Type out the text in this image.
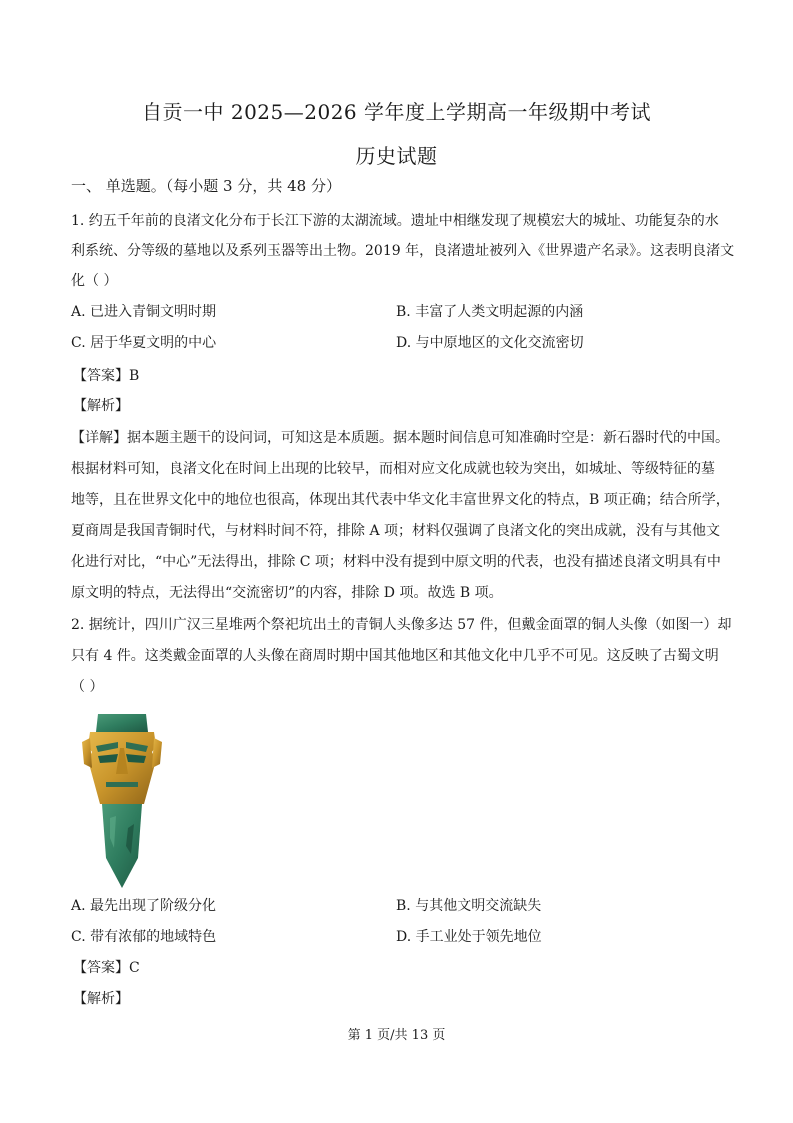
自贡一中 2025—2026 学年度上学期高一年级期中考试
历史试题
一、 单选题。（每小题 3 分，共 48 分）
1. 约五千年前的良渚文化分布于长江下游的太湖流域。遗址中相继发现了规模宏大的城址、功能复杂的水
利系统、分等级的墓地以及系列玉器等出土物。2019 年，良渚遗址被列入《世界遗产名录》。这表明良渚文
化（ ）
A. 已进入青铜文明时期	B. 丰富了人类文明起源的内涵
C. 居于华夏文明的中心	D. 与中原地区的文化交流密切
【答案】B
【解析】
【详解】据本题主题干的设问词，可知这是本质题。据本题时间信息可知准确时空是：新石器时代的中国。
根据材料可知，良渚文化在时间上出现的比较早，而相对应文化成就也较为突出，如城址、等级特征的墓
地等，且在世界文化中的地位也很高，体现出其代表中华文化丰富世界文化的特点，B 项正确；结合所学，
夏商周是我国青铜时代，与材料时间不符，排除 A 项；材料仅强调了良渚文化的突出成就，没有与其他文
化进行对比，“中心”无法得出，排除 C 项；材料中没有提到中原文明的代表，也没有描述良渚文明具有中
原文明的特点，无法得出“交流密切”的内容，排除 D 项。故选 B 项。
2. 据统计，四川广汉三星堆两个祭祀坑出土的青铜人头像多达 57 件，但戴金面罩的铜人头像（如图一）却
只有 4 件。这类戴金面罩的人头像在商周时期中国其他地区和其他文化中几乎不可见。这反映了古蜀文明
（ ）
A. 最先出现了阶级分化	B. 与其他文明交流缺失
C. 带有浓郁的地域特色	D. 手工业处于领先地位
【答案】C
【解析】
第 1 页/共 13 页
